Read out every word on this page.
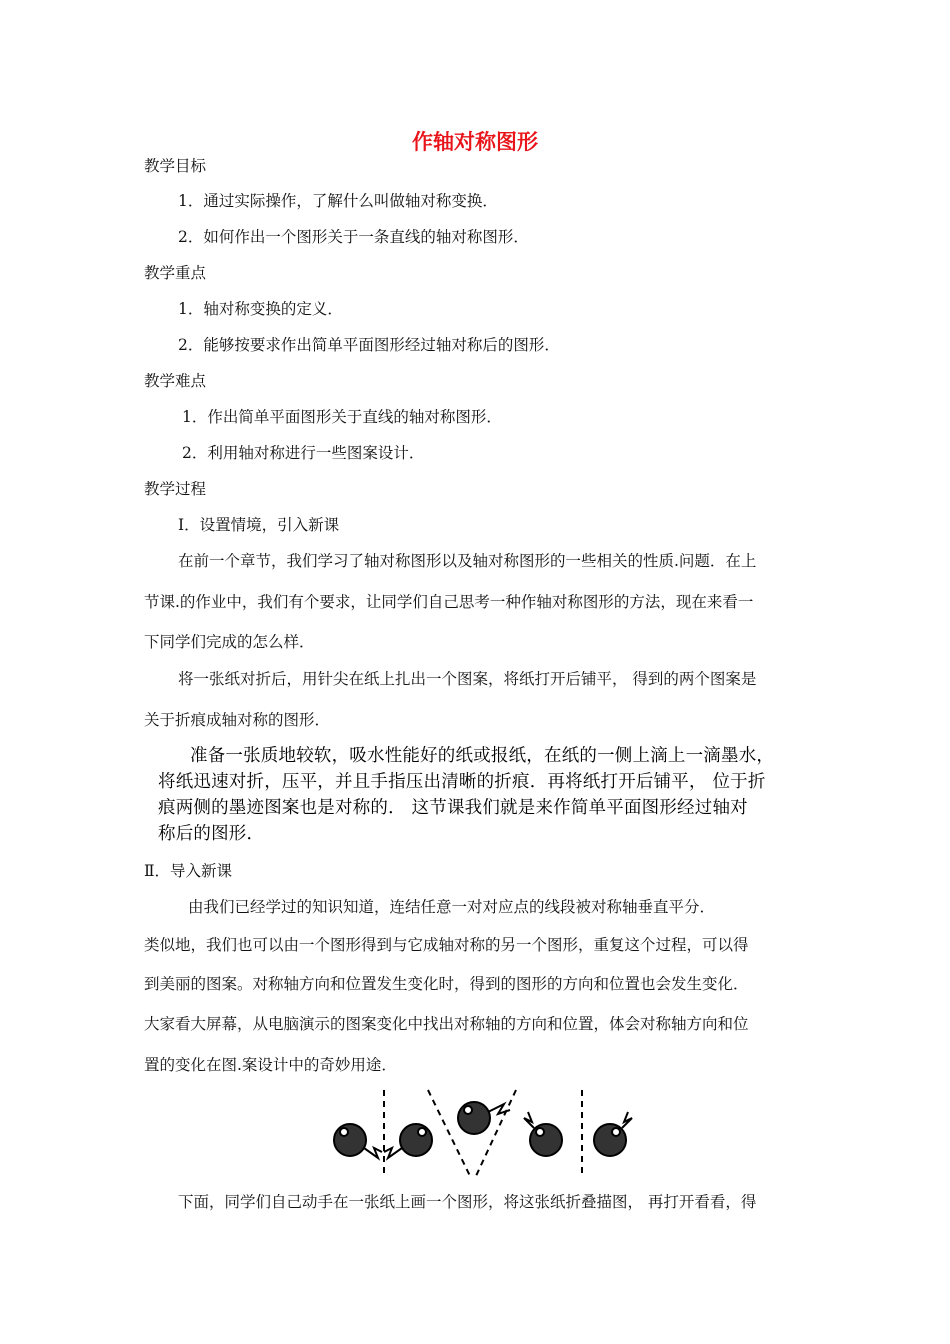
作轴对称图形
教学目标
1．通过实际操作，了解什么叫做轴对称变换．
2．如何作出一个图形关于一条直线的轴对称图形．
教学重点
1．轴对称变换的定义．
2．能够按要求作出简单平面图形经过轴对称后的图形．
教学难点
1．作出简单平面图形关于直线的轴对称图形．
2．利用轴对称进行一些图案设计．
教学过程
Ⅰ．设置情境，引入新课
在前一个章节，我们学习了轴对称图形以及轴对称图形的一些相关的性质.问题．在上
节课.的作业中，我们有个要求，让同学们自己思考一种作轴对称图形的方法，现在来看一
下同学们完成的怎么样．
将一张纸对折后，用针尖在纸上扎出一个图案，将纸打开后铺平， 得到的两个图案是
关于折痕成轴对称的图形．
准备一张质地较软，吸水性能好的纸或报纸，在纸的一侧上滴上一滴墨水，
将纸迅速对折，压平，并且手指压出清晰的折痕．再将纸打开后铺平， 位于折
痕两侧的墨迹图案也是对称的． 这节课我们就是来作简单平面图形经过轴对
称后的图形．
Ⅱ．导入新课
由我们已经学过的知识知道，连结任意一对对应点的线段被对称轴垂直平分．
类似地，我们也可以由一个图形得到与它成轴对称的另一个图形，重复这个过程，可以得
到美丽的图案。对称轴方向和位置发生变化时，得到的图形的方向和位置也会发生变化．
大家看大屏幕，从电脑演示的图案变化中找出对称轴的方向和位置，体会对称轴方向和位
置的变化在图.案设计中的奇妙用途．
下面，同学们自己动手在一张纸上画一个图形，将这张纸折叠描图， 再打开看看，得
